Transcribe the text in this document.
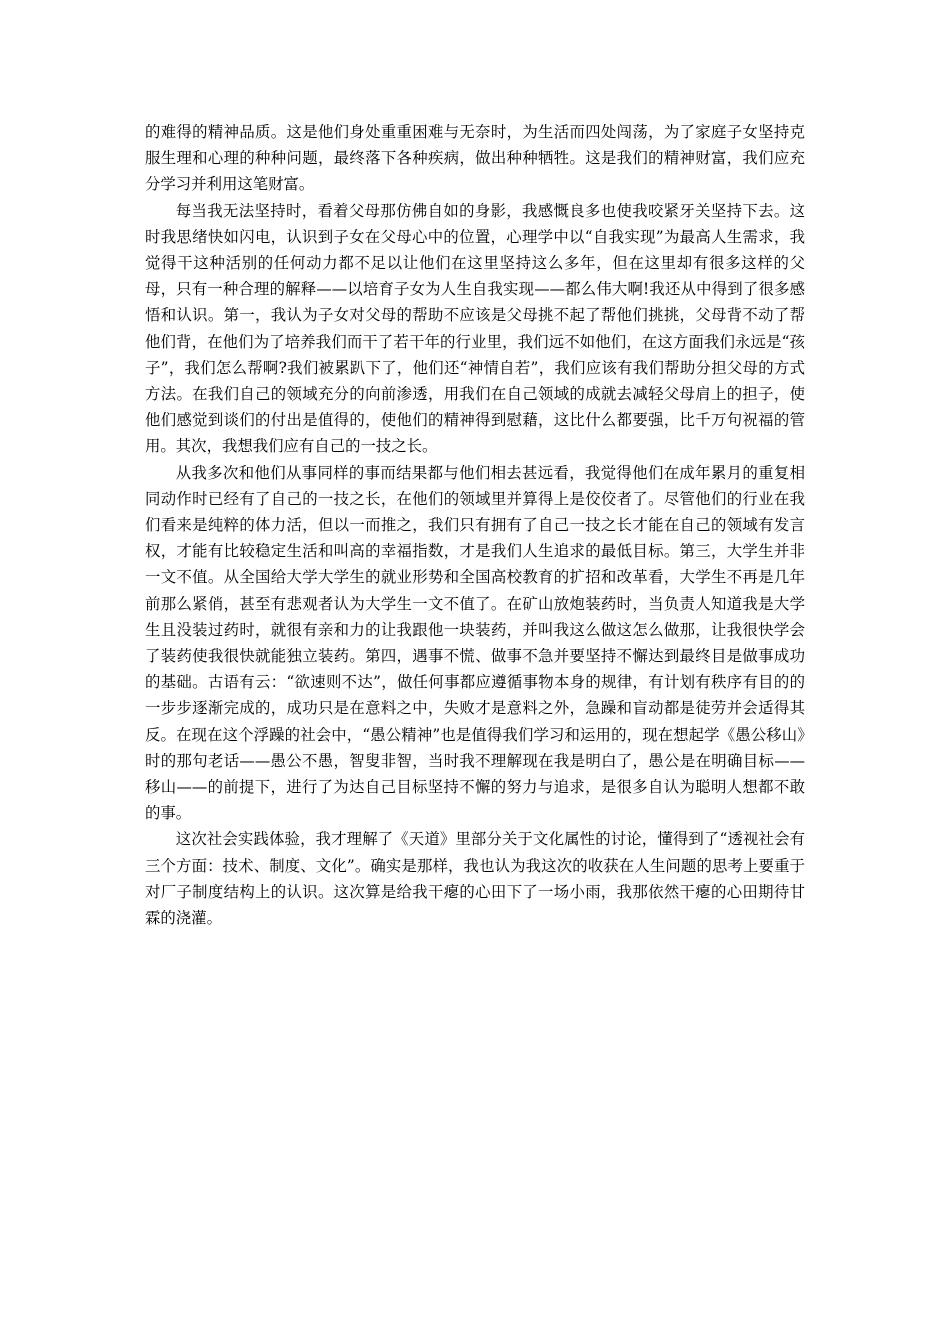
的难得的精神品质。这是他们身处重重困难与无奈时，为生活而四处闯荡，为了家庭子女坚持克服生理和心理的种种问题，最终落下各种疾病，做出种种牺牲。这是我们的精神财富，我们应充分学习并利用这笔财富。

每当我无法坚持时，看着父母那仿佛自如的身影，我感慨良多也使我咬紧牙关坚持下去。这时我思绪快如闪电，认识到子女在父母心中的位置，心理学中以“自我实现”为最高人生需求，我觉得干这种活别的任何动力都不足以让他们在这里坚持这么多年，但在这里却有很多这样的父母，只有一种合理的解释——以培育子女为人生自我实现——都么伟大啊!我还从中得到了很多感悟和认识。第一，我认为子女对父母的帮助不应该是父母挑不起了帮他们挑挑，父母背不动了帮他们背，在他们为了培养我们而干了若干年的行业里，我们远不如他们，在这方面我们永远是“孩子”，我们怎么帮啊?我们被累趴下了，他们还“神情自若”，我们应该有我们帮助分担父母的方式方法。在我们自己的领域充分的向前渗透，用我们在自己领域的成就去减轻父母肩上的担子，使他们感觉到谈们的付出是值得的，使他们的精神得到慰藉，这比什么都要强，比千万句祝福的管用。其次，我想我们应有自己的一技之长。

从我多次和他们从事同样的事而结果都与他们相去甚远看，我觉得他们在成年累月的重复相同动作时已经有了自己的一技之长，在他们的领域里并算得上是佼佼者了。尽管他们的行业在我们看来是纯粹的体力活，但以一而推之，我们只有拥有了自己一技之长才能在自己的领域有发言权，才能有比较稳定生活和叫高的幸福指数，才是我们人生追求的最低目标。第三，大学生并非一文不值。从全国给大学大学生的就业形势和全国高校教育的扩招和改革看，大学生不再是几年前那么紧俏，甚至有悲观者认为大学生一文不值了。在矿山放炮装药时，当负责人知道我是大学生且没装过药时，就很有亲和力的让我跟他一块装药，并叫我这么做这怎么做那，让我很快学会了装药使我很快就能独立装药。第四，遇事不慌、做事不急并要坚持不懈达到最终目是做事成功的基础。古语有云：“欲速则不达”，做任何事都应遵循事物本身的规律，有计划有秩序有目的的一步步逐渐完成的，成功只是在意料之中，失败才是意料之外，急躁和盲动都是徒劳并会适得其反。在现在这个浮躁的社会中，“愚公精神”也是值得我们学习和运用的，现在想起学《愚公移山》时的那句老话——愚公不愚，智叟非智，当时我不理解现在我是明白了，愚公是在明确目标——移山——的前提下，进行了为达自己目标坚持不懈的努力与追求，是很多自认为聪明人想都不敢的事。

这次社会实践体验，我才理解了《天道》里部分关于文化属性的讨论，懂得到了“透视社会有三个方面：技术、制度、文化”。确实是那样，我也认为我这次的收获在人生问题的思考上要重于对厂子制度结构上的认识。这次算是给我干瘪的心田下了一场小雨，我那依然干瘪的心田期待甘霖的浇灌。
